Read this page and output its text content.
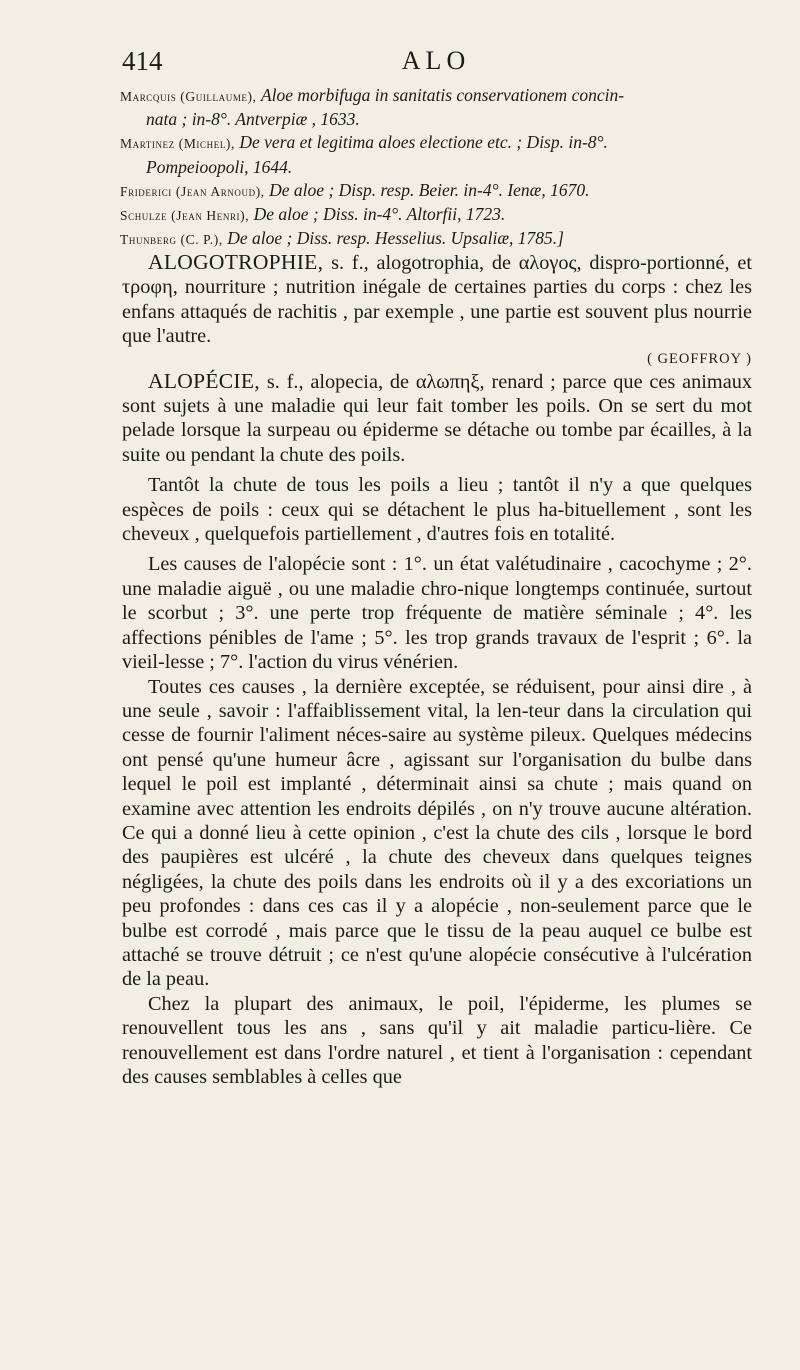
414	ALO

Marcquis (Guillaume), Aloe morbifuga in sanitatis conservationem concin-

nata ; in-8°. Antverpiæ , 1633.

Martinez (Michel), De vera et legitima aloes electione etc. ; Disp. in-8°.

Pompeioopoli, 1644.

Friderici (Jean Arnoud), De aloe ; Disp. resp. Beier. in-4°. Ienæ, 1670.

Schulze (Jean Henri), De aloe ; Diss. in-4°. Altorfii, 1723.

Thunberg (C. P.), De aloe ; Diss. resp. Hesselius. Upsaliæ, 1785.]

ALOGOTROPHIE, s. f., alogotrophia, de αλογος, dispro-portionné, et τροφη, nourriture ; nutrition inégale de certaines parties du corps : chez les enfans attaqués de rachitis , par exemple , une partie est souvent plus nourrie que l'autre.

( GEOFFROY )

ALOPÉCIE, s. f., alopecia, de αλωπηξ, renard ; parce que ces animaux sont sujets à une maladie qui leur fait tomber les poils. On se sert du mot pelade lorsque la surpeau ou épiderme se détache ou tombe par écailles, à la suite ou pendant la chute des poils.

Tantôt la chute de tous les poils a lieu ; tantôt il n'y a que quelques espèces de poils : ceux qui se détachent le plus ha-bituellement , sont les cheveux , quelquefois partiellement , d'autres fois en totalité.

Les causes de l'alopécie sont : 1°. un état valétudinaire , cacochyme ; 2°. une maladie aiguë , ou une maladie chro-nique longtemps continuée, surtout le scorbut ; 3°. une perte trop fréquente de matière séminale ; 4°. les affections pénibles de l'ame ; 5°. les trop grands travaux de l'esprit ; 6°. la vieil-lesse ; 7°. l'action du virus vénérien.

Toutes ces causes , la dernière exceptée, se réduisent, pour ainsi dire , à une seule , savoir : l'affaiblissement vital, la len-teur dans la circulation qui cesse de fournir l'aliment néces-saire au système pileux. Quelques médecins ont pensé qu'une humeur âcre , agissant sur l'organisation du bulbe dans lequel le poil est implanté , déterminait ainsi sa chute ; mais quand on examine avec attention les endroits dépilés , on n'y trouve aucune altération. Ce qui a donné lieu à cette opinion , c'est la chute des cils , lorsque le bord des paupières est ulcéré , la chute des cheveux dans quelques teignes négligées, la chute des poils dans les endroits où il y a des excoriations un peu profondes : dans ces cas il y a alopécie , non-seulement parce que le bulbe est corrodé , mais parce que le tissu de la peau auquel ce bulbe est attaché se trouve détruit ; ce n'est qu'une alopécie consécutive à l'ulcération de la peau.

Chez la plupart des animaux, le poil, l'épiderme, les plumes se renouvellent tous les ans , sans qu'il y ait maladie particu-lière. Ce renouvellement est dans l'ordre naturel , et tient à l'organisation : cependant des causes semblables à celles que
